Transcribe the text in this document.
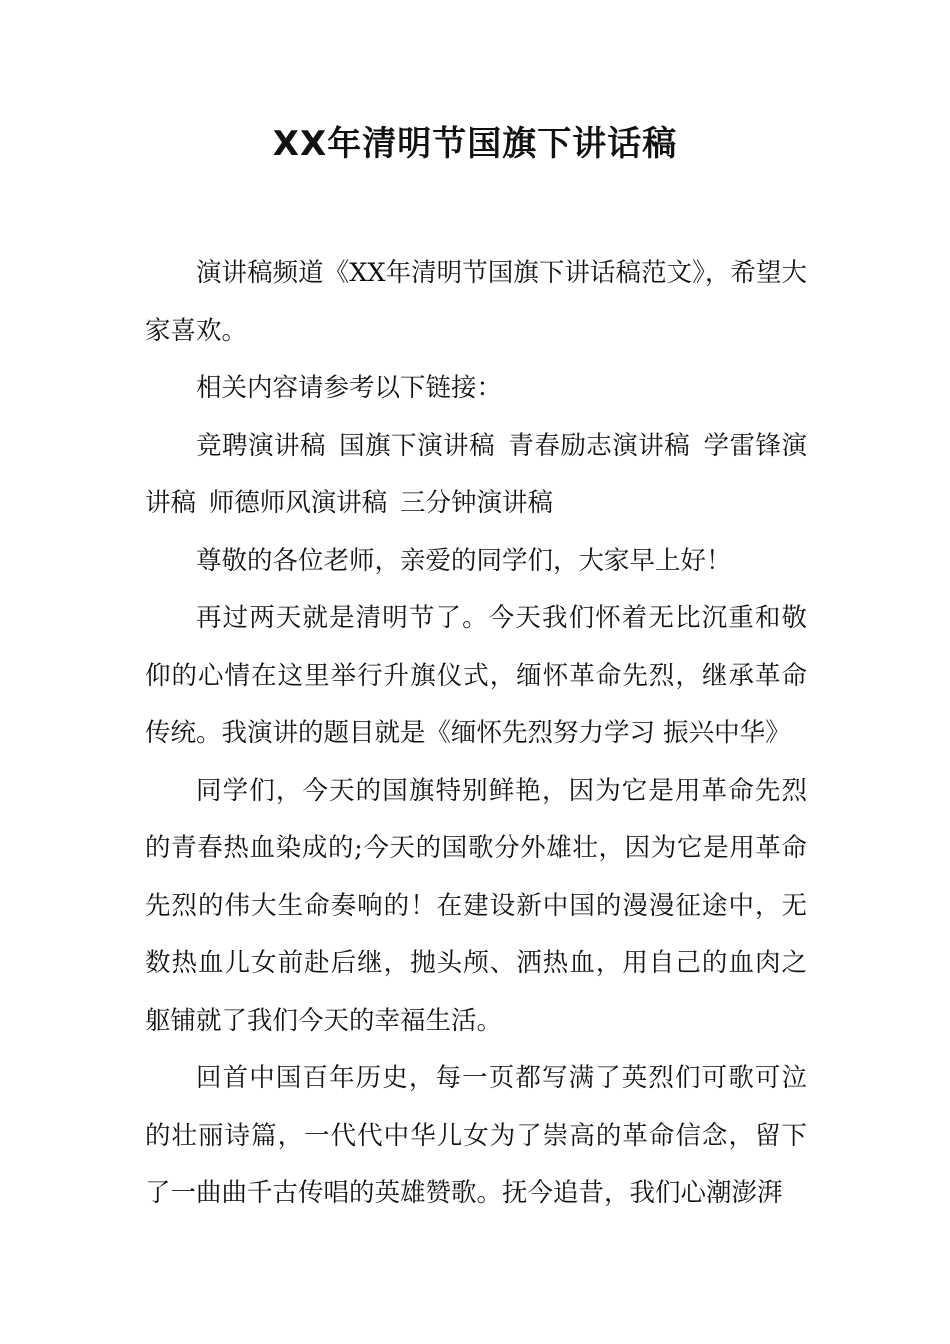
XX年清明节国旗下讲话稿

演讲稿频道《XX年清明节国旗下讲话稿范文》，希望大家喜欢。

相关内容请参考以下链接：

竞聘演讲稿 国旗下演讲稿 青春励志演讲稿 学雷锋演讲稿 师德师风演讲稿 三分钟演讲稿

尊敬的各位老师，亲爱的同学们，大家早上好！

再过两天就是清明节了。今天我们怀着无比沉重和敬仰的心情在这里举行升旗仪式，缅怀革命先烈，继承革命传统。我演讲的题目就是《缅怀先烈努力学习 振兴中华》

同学们，今天的国旗特别鲜艳，因为它是用革命先烈的青春热血染成的;今天的国歌分外雄壮，因为它是用革命先烈的伟大生命奏响的！在建设新中国的漫漫征途中，无数热血儿女前赴后继，抛头颅、洒热血，用自己的血肉之躯铺就了我们今天的幸福生活。

回首中国百年历史，每一页都写满了英烈们可歌可泣的壮丽诗篇，一代代中华儿女为了崇高的革命信念，留下了一曲曲千古传唱的英雄赞歌。抚今追昔，我们心潮澎湃
